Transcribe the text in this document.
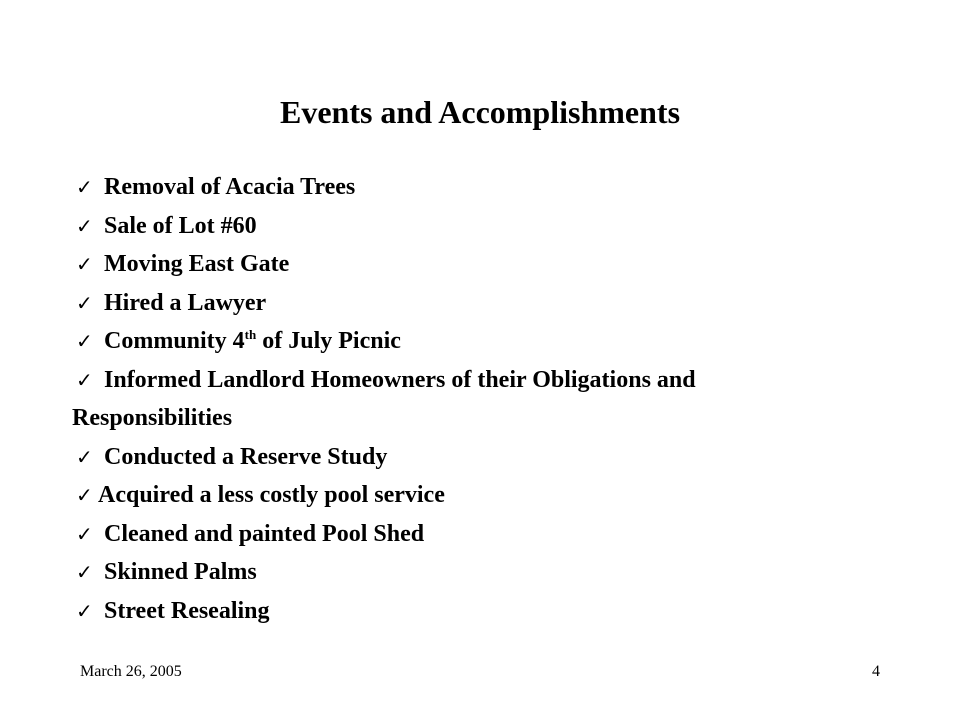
Events and Accomplishments
✓ Removal of Acacia Trees
✓ Sale of Lot #60
✓ Moving East Gate
✓ Hired a Lawyer
✓ Community 4th of July Picnic
✓ Informed Landlord Homeowners of their Obligations and
Responsibilities
✓ Conducted a Reserve Study
✓ Acquired a less costly pool service
✓ Cleaned and painted Pool Shed
✓ Skinned Palms
✓ Street Resealing
March 26, 2005	4
